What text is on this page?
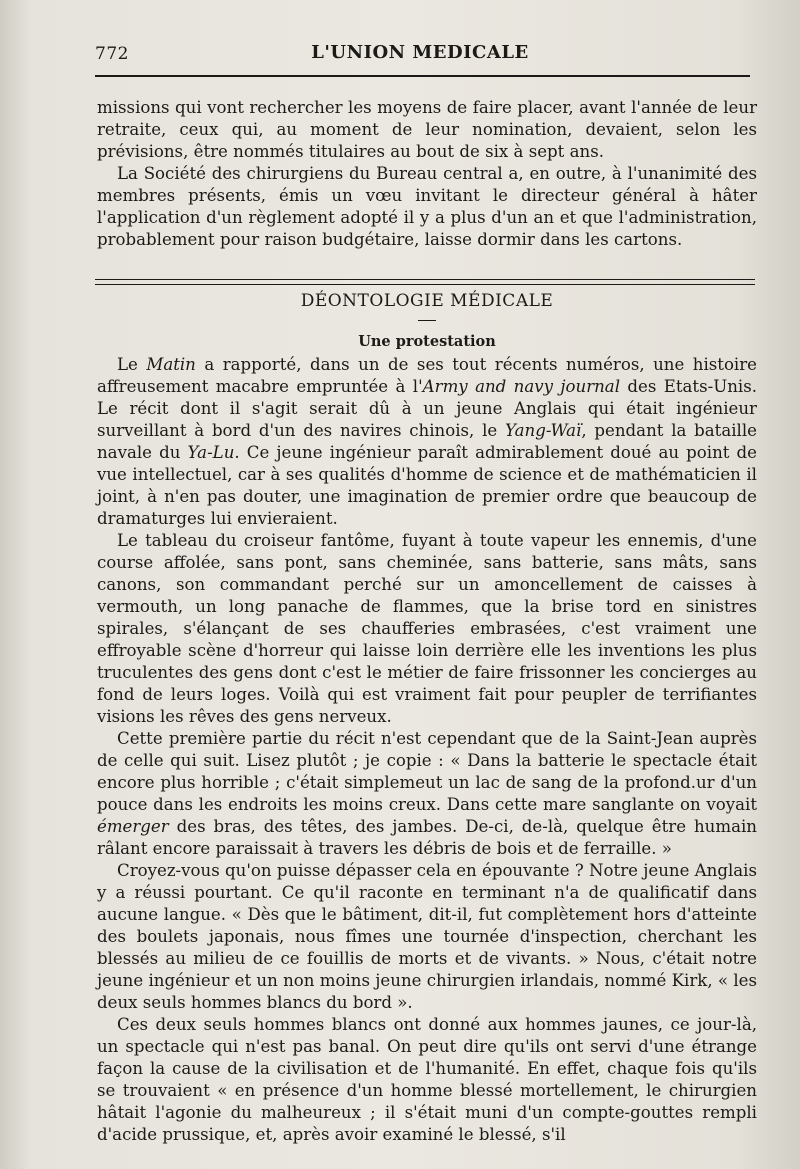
772	L'UNION MEDICALE

missions qui vont rechercher les moyens de faire placer, avant l'année de leur retraite, ceux qui, au moment de leur nomination, devaient, selon les prévisions, être nommés titulaires au bout de six à sept ans.

La Société des chirurgiens du Bureau central a, en outre, à l'unanimité des membres présents, émis un vœu invitant le directeur général à hâter l'application d'un règlement adopté il y a plus d'un an et que l'administration, probablement pour raison budgétaire, laisse dormir dans les cartons.

DÉONTOLOGIE MÉDICALE
Une protestation

Le Matin a rapporté, dans un de ses tout récents numéros, une histoire affreusement macabre empruntée à l'Army and navy journal des Etats-Unis. Le récit dont il s'agit serait dû à un jeune Anglais qui était ingénieur surveillant à bord d'un des navires chinois, le Yang-Waï, pendant la bataille navale du Ya-Lu. Ce jeune ingénieur paraît admirablement doué au point de vue intellectuel, car à ses qualités d'homme de science et de mathématicien il joint, à n'en pas douter, une imagination de premier ordre que beaucoup de dramaturges lui envieraient.

Le tableau du croiseur fantôme, fuyant à toute vapeur les ennemis, d'une course affolée, sans pont, sans cheminée, sans batterie, sans mâts, sans canons, son commandant perché sur un amoncellement de caisses à vermouth, un long panache de flammes, que la brise tord en sinistres spirales, s'élançant de ses chaufferies embrasées, c'est vraiment une effroyable scène d'horreur qui laisse loin derrière elle les inventions les plus truculentes des gens dont c'est le métier de faire frissonner les concierges au fond de leurs loges. Voilà qui est vraiment fait pour peupler de terrifiantes visions les rêves des gens nerveux.

Cette première partie du récit n'est cependant que de la Saint-Jean auprès de celle qui suit. Lisez plutôt ; je copie : « Dans la batterie le spectacle était encore plus horrible ; c'était simplemeut un lac de sang de la profond.ur d'un pouce dans les endroits les moins creux. Dans cette mare sanglante on voyait émerger des bras, des têtes, des jambes. De-ci, de-là, quelque être humain râlant encore paraissait à travers les débris de bois et de ferraille. »

Croyez-vous qu'on puisse dépasser cela en épouvante ? Notre jeune Anglais y a réussi pourtant. Ce qu'il raconte en terminant n'a de qualificatif dans aucune langue. « Dès que le bâtiment, dit-il, fut complètement hors d'atteinte des boulets japonais, nous fîmes une tournée d'inspection, cherchant les blessés au milieu de ce fouillis de morts et de vivants. » Nous, c'était notre jeune ingénieur et un non moins jeune chirurgien irlandais, nommé Kirk, « les deux seuls hommes blancs du bord ».

Ces deux seuls hommes blancs ont donné aux hommes jaunes, ce jour-là, un spectacle qui n'est pas banal. On peut dire qu'ils ont servi d'une étrange façon la cause de la civilisation et de l'humanité. En effet, chaque fois qu'ils se trouvaient « en présence d'un homme blessé mortellement, le chirurgien hâtait l'agonie du malheureux ; il s'était muni d'un compte-gouttes rempli d'acide prussique, et, après avoir examiné le blessé, s'il
